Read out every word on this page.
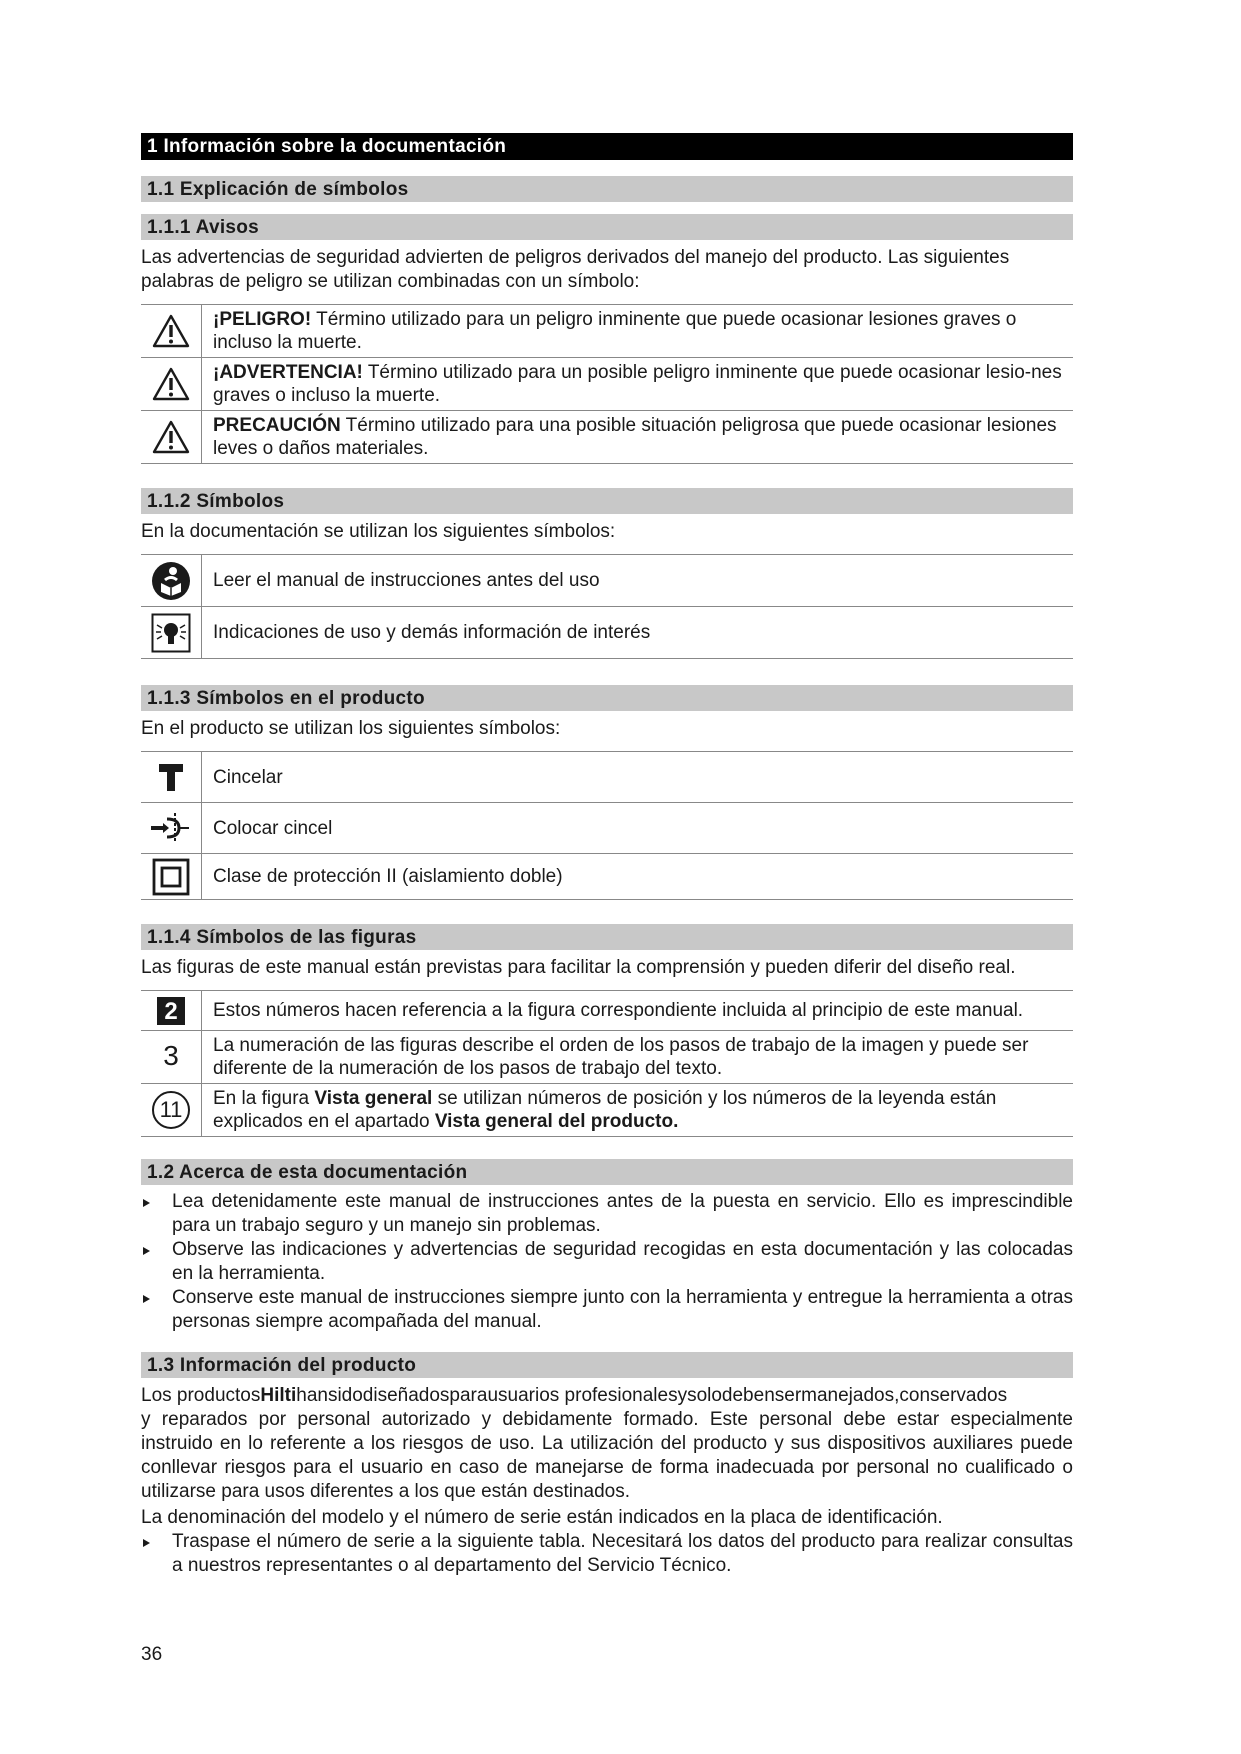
1 Información sobre la documentación
1.1 Explicación de símbolos
1.1.1 Avisos

Las advertencias de seguridad advierten de peligros derivados del manejo del producto. Las siguientes palabras de peligro se utilizan combinadas con un símbolo:

	¡PELIGRO! Término utilizado para un peligro inminente que puede ocasionar lesiones graves o incluso la muerte.

	¡ADVERTENCIA! Término utilizado para un posible peligro inminente que puede ocasionar lesio-nes graves o incluso la muerte.

	PRECAUCIÓN Término utilizado para una posible situación peligrosa que puede ocasionar lesiones leves o daños materiales.
1.1.2 Símbolos

En la documentación se utilizan los siguientes símbolos:

	Leer el manual de instrucciones antes del uso

	Indicaciones de uso y demás información de interés
1.1.3 Símbolos en el producto

En el producto se utilizan los siguientes símbolos:

	Cincelar

	Colocar cincel

	Clase de protección II (aislamiento doble)
1.1.4 Símbolos de las figuras

Las figuras de este manual están previstas para facilitar la comprensión y pueden diferir del diseño real.

2	Estos números hacen referencia a la figura correspondiente incluida al principio de este manual.
3	La numeración de las figuras describe el orden de los pasos de trabajo de la imagen y puede ser diferente de la numeración de los pasos de trabajo del texto.
11	En la figura Vista general se utilizan números de posición y los números de la leyenda están explicados en el apartado Vista general del producto.
1.2 Acerca de esta documentación
Lea detenidamente este manual de instrucciones antes de la puesta en servicio. Ello es imprescindible para un trabajo seguro y un manejo sin problemas.
Observe las indicaciones y advertencias de seguridad recogidas en esta documentación y las colocadas en la herramienta.
Conserve este manual de instrucciones siempre junto con la herramienta y entregue la herramienta a otras personas siempre acompañada del manual.
1.3 Información del producto

Los productosHiltihansidodiseñadosparausuarios profesionalesysolodebensermanejados,conservados

y reparados por personal autorizado y debidamente formado. Este personal debe estar especialmente instruido en lo referente a los riesgos de uso. La utilización del producto y sus dispositivos auxiliares puede conllevar riesgos para el usuario en caso de manejarse de forma inadecuada por personal no cualificado o utilizarse para usos diferentes a los que están destinados.

La denominación del modelo y el número de serie están indicados en la placa de identificación.

Traspase el número de serie a la siguiente tabla. Necesitará los datos del producto para realizar consultas a nuestros representantes o al departamento del Servicio Técnico.
36
